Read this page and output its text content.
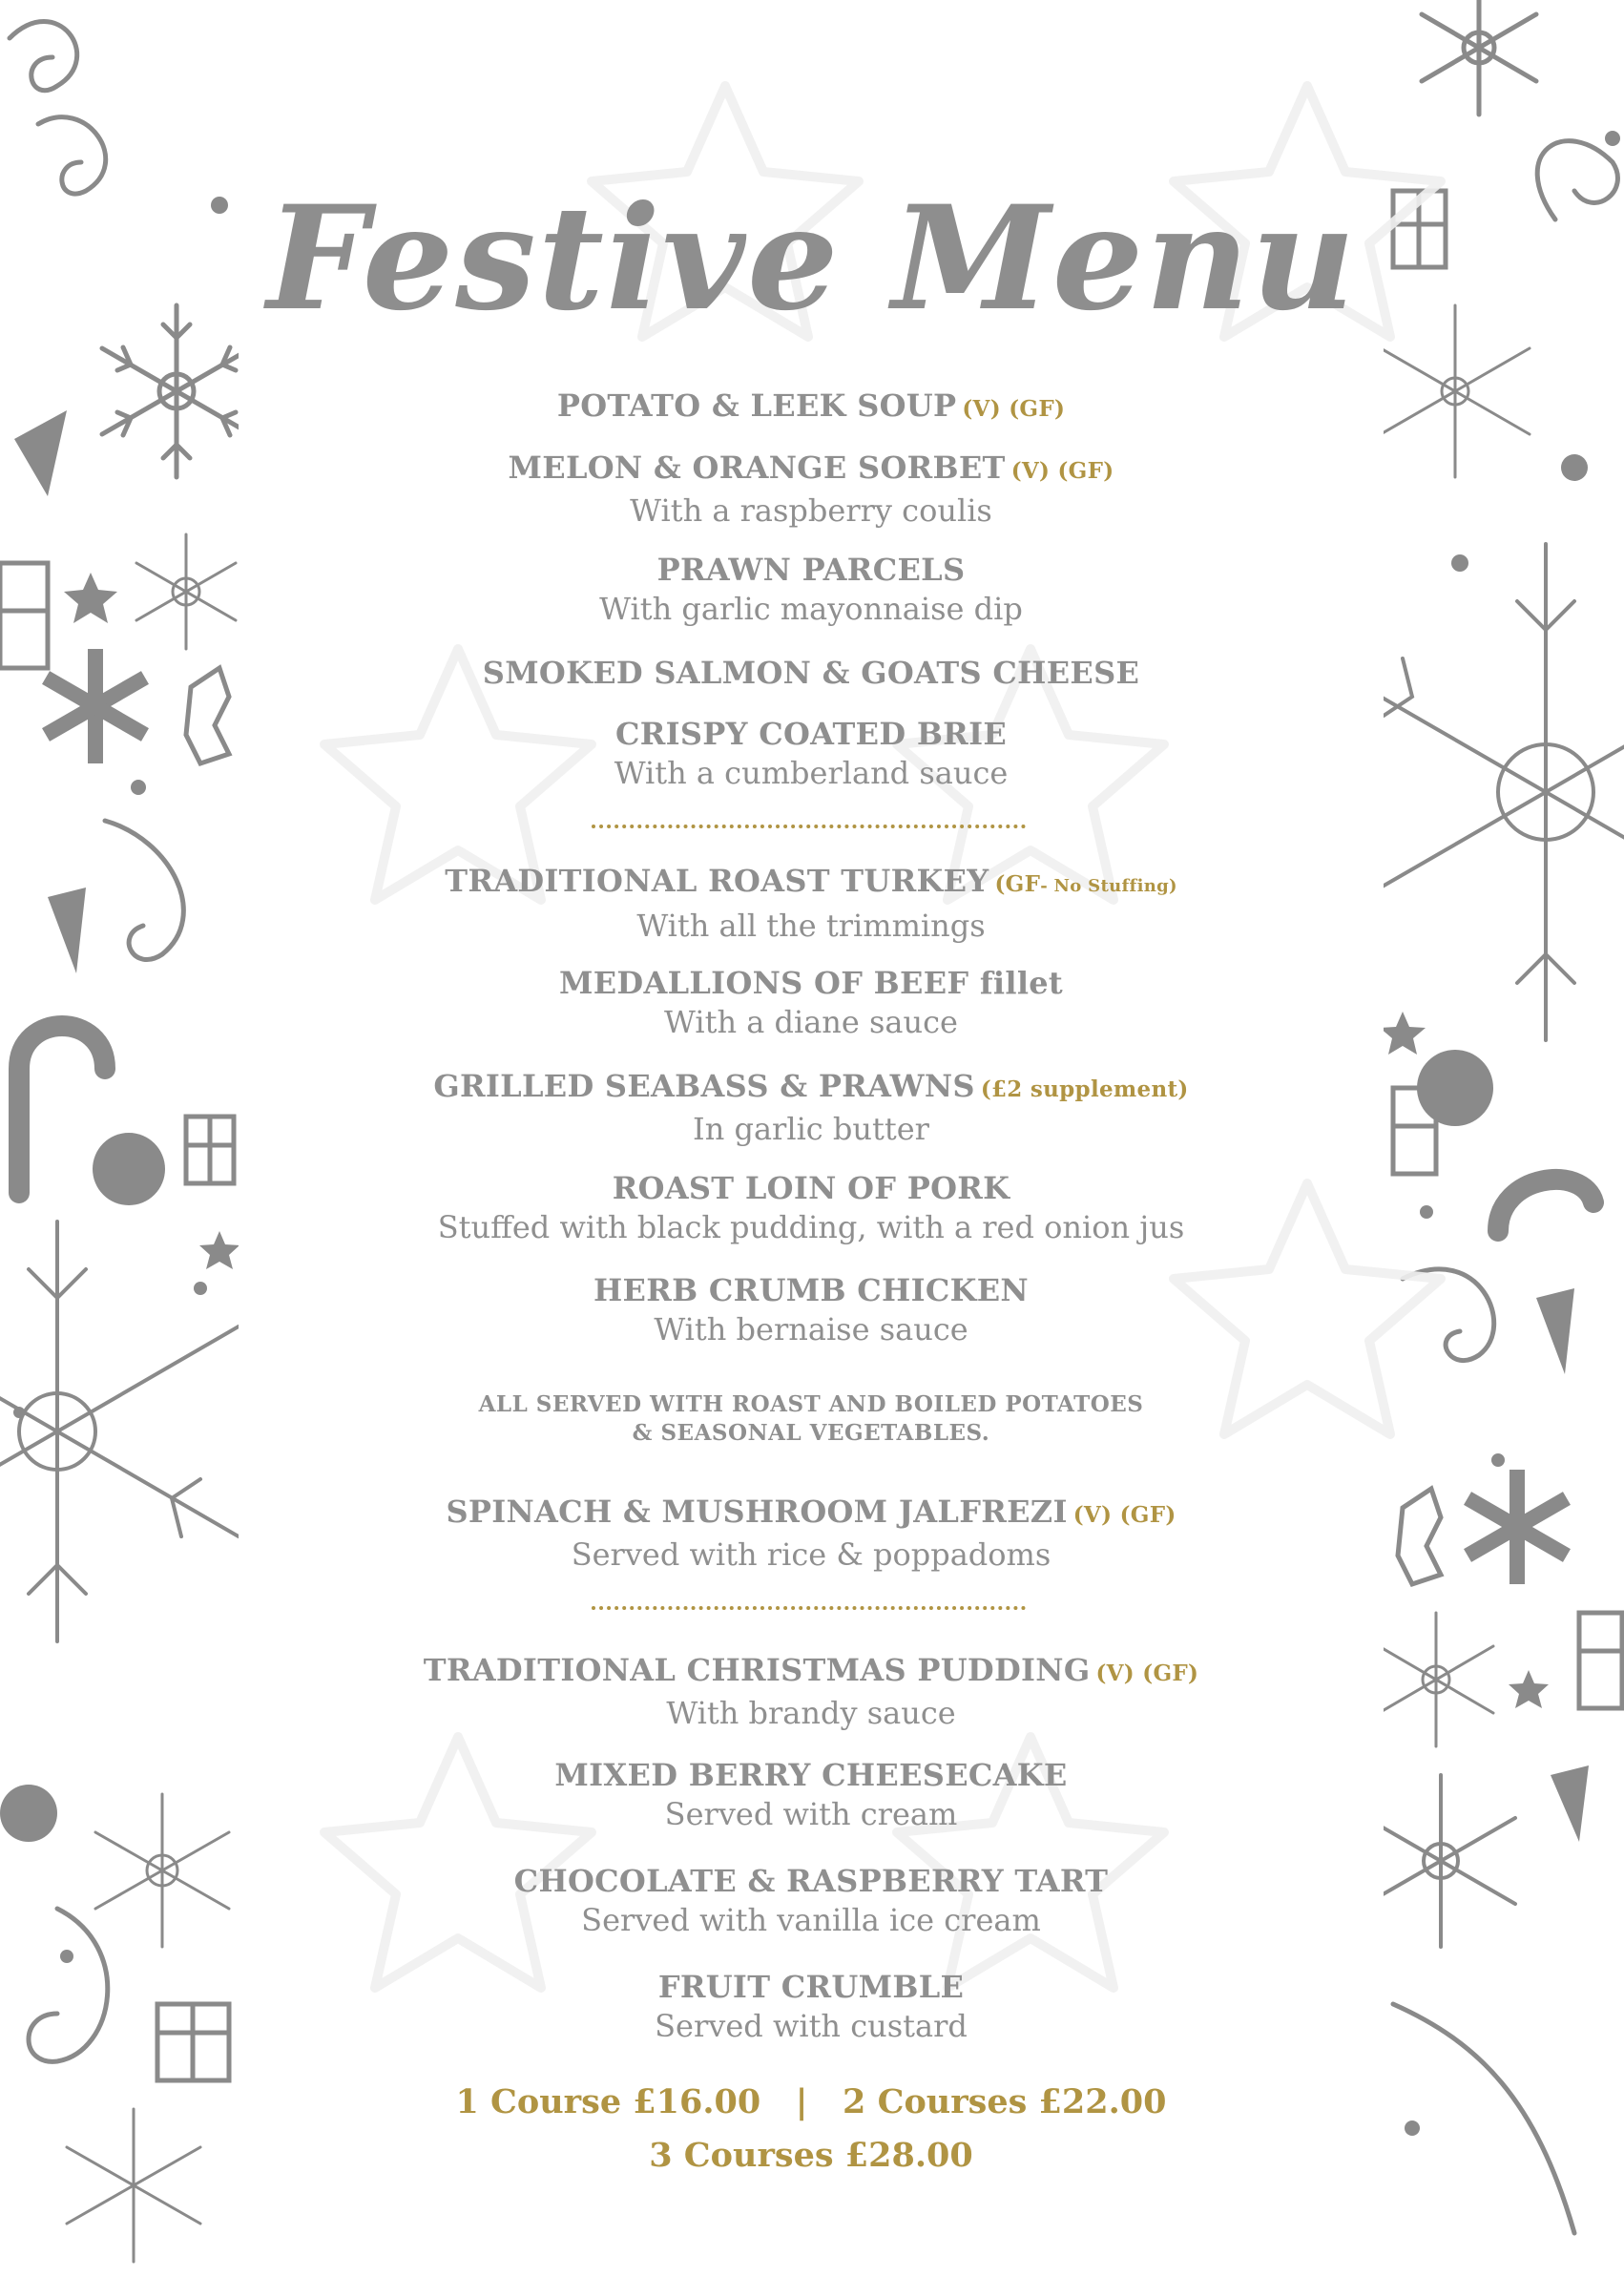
Festive Menu
POTATO & LEEK SOUP (V) (GF)
MELON & ORANGE SORBET (V) (GF)
With a raspberry coulis
PRAWN PARCELS
With garlic mayonnaise dip
SMOKED SALMON & GOATS CHEESE
CRISPY COATED BRIE
With a cumberland sauce
TRADITIONAL ROAST TURKEY (GF- No Stuffing)
With all the trimmings
MEDALLIONS OF BEEF fillet
With a diane sauce
GRILLED SEABASS & PRAWNS (£2 supplement)
In garlic butter
ROAST LOIN OF PORK
Stuffed with black pudding, with a red onion jus
HERB CRUMB CHICKEN
With bernaise sauce
ALL SERVED WITH ROAST AND BOILED POTATOES
& SEASONAL VEGETABLES.
SPINACH & MUSHROOM JALFREZI (V) (GF)
Served with rice & poppadoms
TRADITIONAL CHRISTMAS PUDDING (V) (GF)
With brandy sauce
MIXED BERRY CHEESECAKE
Served with cream
CHOCOLATE & RASPBERRY TART
Served with vanilla ice cream
FRUIT CRUMBLE
Served with custard
1 Course £16.00   |   2 Courses £22.00
3 Courses £28.00
